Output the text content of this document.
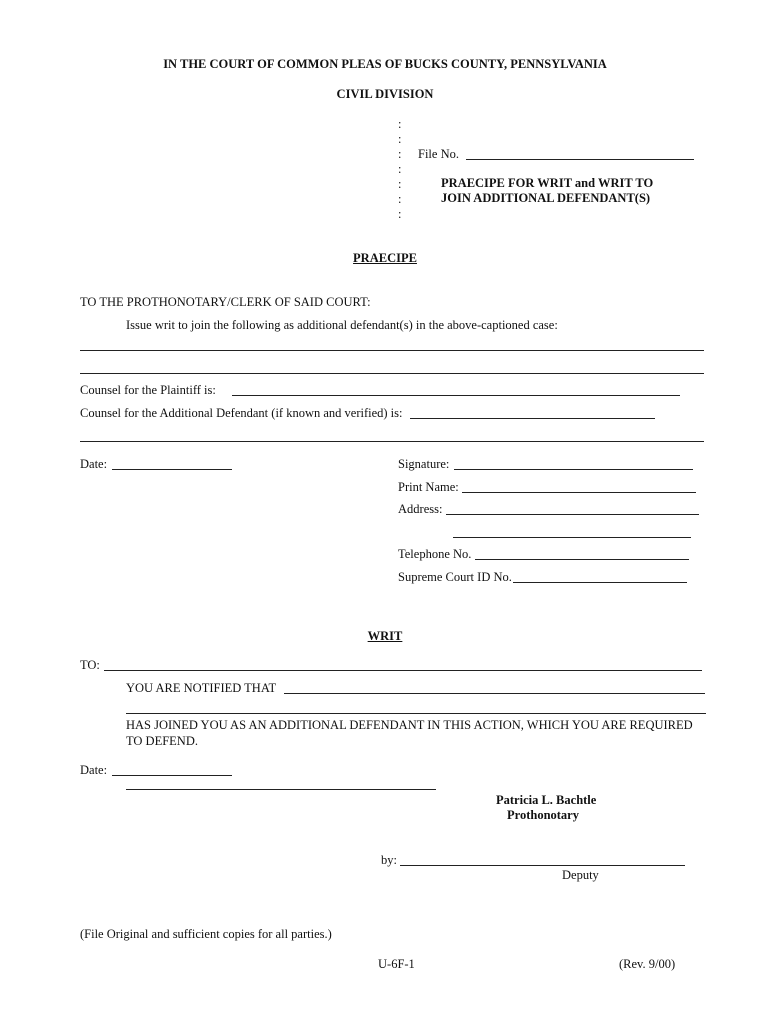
IN THE COURT OF COMMON PLEAS OF BUCKS COUNTY, PENNSYLVANIA
CIVIL DIVISION
:
:
:
:
:
:
:
File No.
PRAECIPE FOR WRIT and WRIT TO
JOIN ADDITIONAL DEFENDANT(S)
PRAECIPE
TO THE PROTHONOTARY/CLERK OF SAID COURT:
Issue writ to join the following as additional defendant(s) in the above-captioned case:
Counsel for the Plaintiff is:
Counsel for the Additional Defendant (if known and verified) is:
Date:	Signature:
Print Name:
Address:
Telephone No.
Supreme Court ID No.
WRIT
TO:
YOU ARE NOTIFIED THAT
HAS JOINED YOU AS AN ADDITIONAL DEFENDANT IN THIS ACTION, WHICH YOU ARE REQUIRED
TO DEFEND.
Date:
Patricia L. Bachtle
Prothonotary
by:
Deputy
(File Original and sufficient copies for all parties.)
U-6F-1	(Rev. 9/00)
